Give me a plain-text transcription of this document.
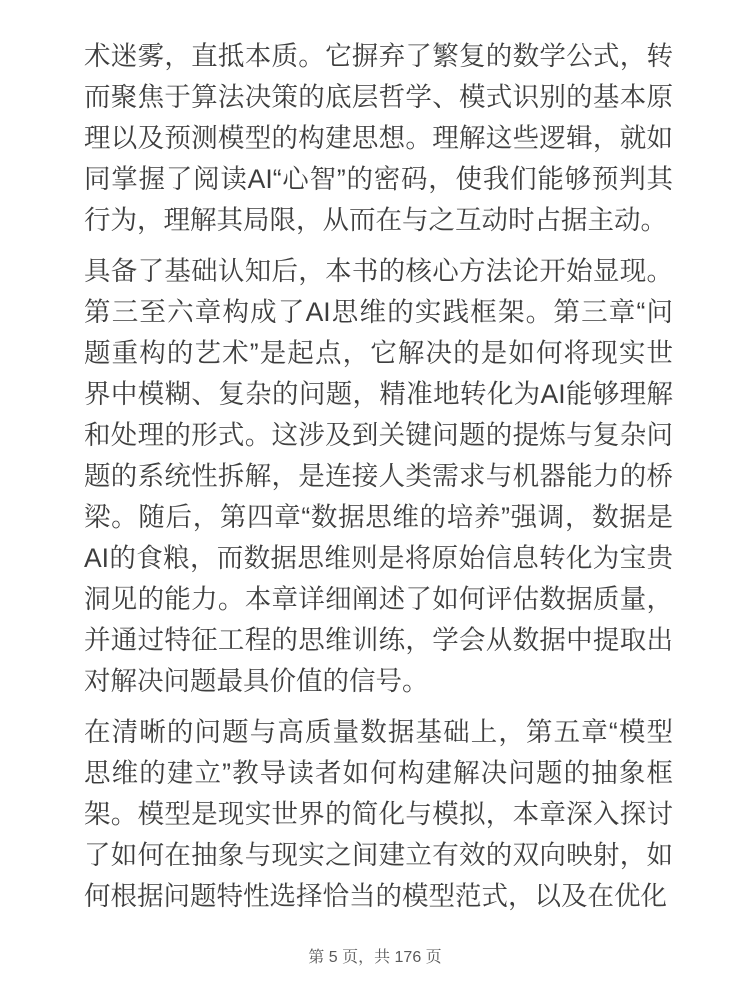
术迷雾，直抵本质。它摒弃了繁复的数学公式，转而聚焦于算法决策的底层哲学、模式识别的基本原理以及预测模型的构建思想。理解这些逻辑，就如同掌握了阅读AI“心智”的密码，使我们能够预判其行为，理解其局限，从而在与之互动时占据主动。

具备了基础认知后，本书的核心方法论开始显现。第三至六章构成了AI思维的实践框架。第三章“问题重构的艺术”是起点，它解决的是如何将现实世界中模糊、复杂的问题，精准地转化为AI能够理解和处理的形式。这涉及到关键问题的提炼与复杂问题的系统性拆解，是连接人类需求与机器能力的桥梁。随后，第四章“数据思维的培养”强调，数据是AI的食粮，而数据思维则是将原始信息转化为宝贵洞见的能力。本章详细阐述了如何评估数据质量，并通过特征工程的思维训练，学会从数据中提取出对解决问题最具价值的信号。

在清晰的问题与高质量数据基础上，第五章“模型思维的建立”教导读者如何构建解决问题的抽象框架。模型是现实世界的简化与模拟，本章深入探讨了如何在抽象与现实之间建立有效的双向映射，如何根据问题特性选择恰当的模型范式，以及在优化

第 5 页，共 176 页
